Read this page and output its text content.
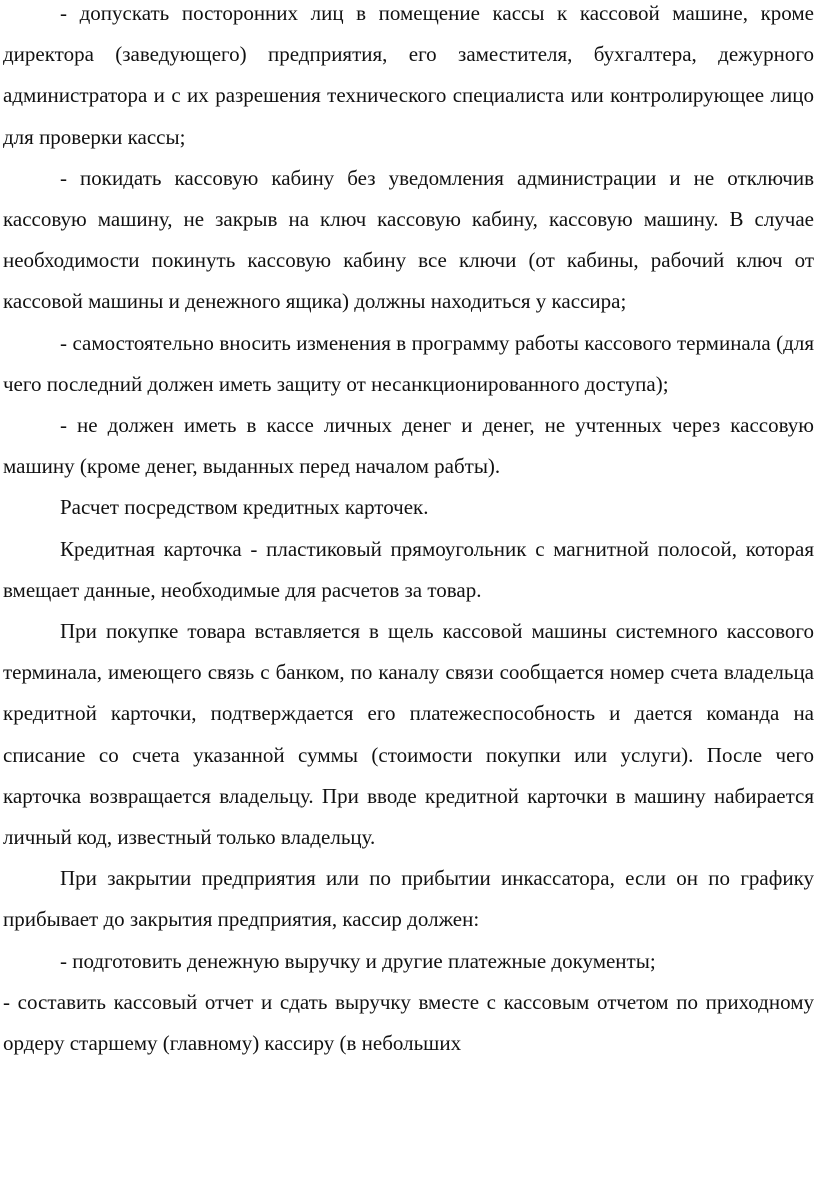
- допускать посторонних лиц в помещение кассы к кассовой машине, кроме директора (заведующего) предприятия, его заместителя, бухгалтера, дежурного администратора и с их разрешения технического специалиста или контролирующее лицо для проверки кассы;

- покидать кассовую кабину без уведомления администрации и не отключив кассовую машину, не закрыв на ключ кассовую кабину, кассовую машину. В случае необходимости покинуть кассовую кабину все ключи (от кабины, рабочий ключ от кассовой машины и денежного ящика) должны находиться у кассира;

- самостоятельно вносить изменения в программу работы кассового терминала (для чего последний должен иметь защиту от несанкционированного доступа);

- не должен иметь в кассе личных денег и денег, не учтенных через кассовую машину (кроме денег, выданных перед началом рабты).

Расчет посредством кредитных карточек.

Кредитная карточка - пластиковый прямоугольник с магнитной полосой, которая вмещает данные, необходимые для расчетов за товар.

При покупке товара вставляется в щель кассовой машины системного кассового терминала, имеющего связь с банком, по каналу связи сообщается номер счета владельца кредитной карточки, подтверждается его платежеспособность и дается команда на списание со счета указанной суммы (стоимости покупки или услуги). После чего карточка возвращается владельцу. При вводе кредитной карточки в машину набирается личный код, известный только владельцу.

При закрытии предприятия или по прибытии инкассатора, если он по графику прибывает до закрытия предприятия, кассир должен:

- подготовить денежную выручку и другие платежные документы;

- составить кассовый отчет и сдать выручку вместе с кассовым отчетом по приходному ордеру старшему (главному) кассиру (в небольших
